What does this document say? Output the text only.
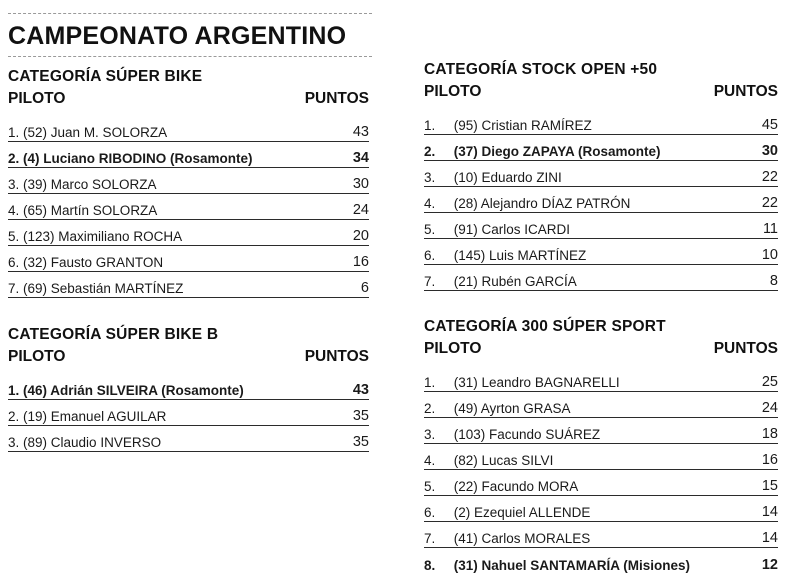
CAMPEONATO ARGENTINO
CATEGORÍA SÚPER BIKE
PILOTO	PUNTOS
1. (52) Juan M. SOLORZA	43
2. (4) Luciano RIBODINO (Rosamonte)	34
3. (39) Marco SOLORZA	30
4. (65) Martín SOLORZA	24
5. (123) Maximiliano ROCHA	20
6. (32) Fausto GRANTON	16
7. (69) Sebastián MARTÍNEZ	6
CATEGORÍA SÚPER BIKE B
PILOTO	PUNTOS
1. (46) Adrián SILVEIRA (Rosamonte)	43
2. (19) Emanuel AGUILAR	35
3. (89) Claudio INVERSO	35
CATEGORÍA STOCK OPEN +50
PILOTO	PUNTOS
1. (95) Cristian RAMÍREZ	45
2. (37) Diego ZAPAYA (Rosamonte)	30
3. (10) Eduardo ZINI	22
4. (28) Alejandro DÍAZ PATRÓN	22
5. (91) Carlos ICARDI	11
6. (145) Luis MARTÍNEZ	10
7. (21) Rubén GARCÍA	8
CATEGORÍA 300 SÚPER SPORT
PILOTO	PUNTOS
1. (31) Leandro BAGNARELLI	25
2. (49) Ayrton GRASA	24
3. (103) Facundo SUÁREZ	18
4. (82) Lucas SILVI	16
5. (22) Facundo MORA	15
6. (2) Ezequiel ALLENDE	14
7. (41) Carlos MORALES	14
8. (31) Nahuel SANTAMARÍA (Misiones)	12
